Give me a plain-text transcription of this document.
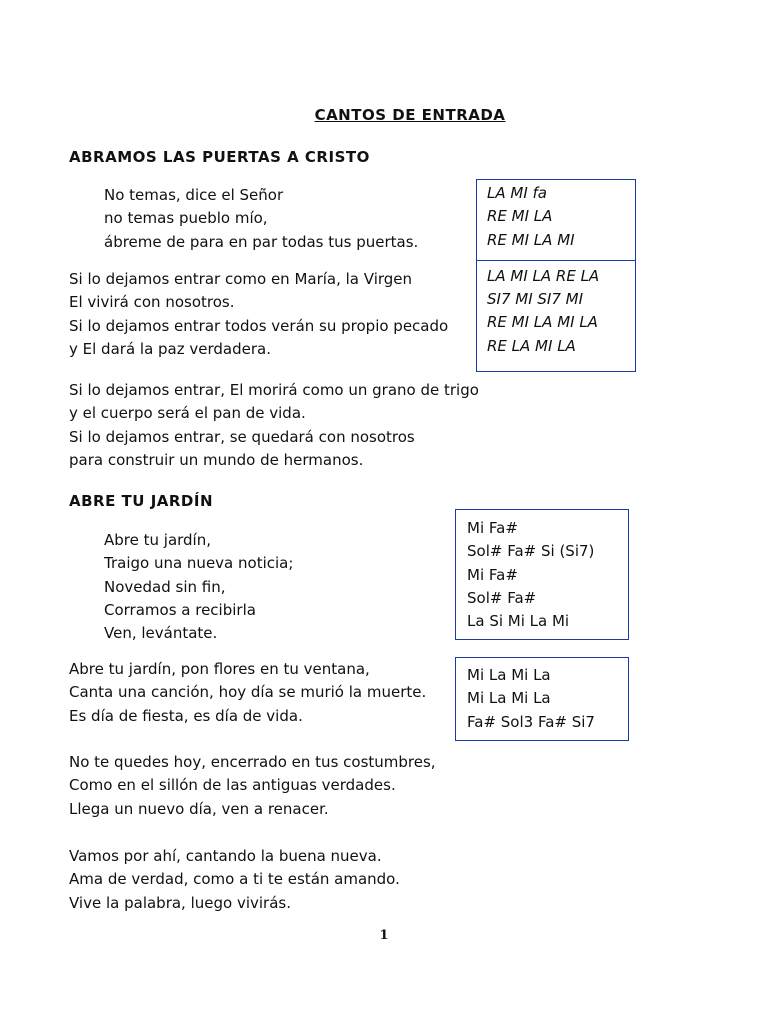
CANTOS DE ENTRADA
ABRAMOS LAS PUERTAS A CRISTO
No temas, dice el Señor
no temas pueblo mío,
ábreme de para en par todas tus puertas.
Si lo dejamos entrar como en María, la Virgen
El vivirá con nosotros.
Si lo dejamos entrar todos verán su propio pecado
y El dará la paz verdadera.
Si lo dejamos entrar, El morirá como un grano de trigo
y el cuerpo será el pan de vida.
Si lo dejamos entrar, se quedará con nosotros
para construir un mundo de hermanos.
LA MI fa
RE MI LA
RE MI LA MI
LA MI LA RE LA
SI7 MI SI7 MI
RE MI LA MI LA
RE LA MI LA
ABRE TU JARDÍN
Abre tu jardín,
Traigo una nueva noticia;
Novedad sin fin,
Corramos a recibirla
Ven, levántate.
Abre tu jardín, pon flores en tu ventana,
Canta una canción, hoy día se murió la muerte.
Es día de fiesta, es día de vida.
No te quedes hoy, encerrado en tus costumbres,
Como en el sillón de las antiguas verdades.
Llega un nuevo día, ven a renacer.
Vamos por ahí, cantando la buena nueva.
Ama de verdad, como a ti te están amando.
Vive la palabra, luego vivirás.
Mi Fa#
Sol# Fa# Si (Si7)
Mi Fa#
Sol# Fa#
La Si Mi La Mi
Mi La Mi La
Mi La Mi La
Fa# Sol3 Fa# Si7
1
